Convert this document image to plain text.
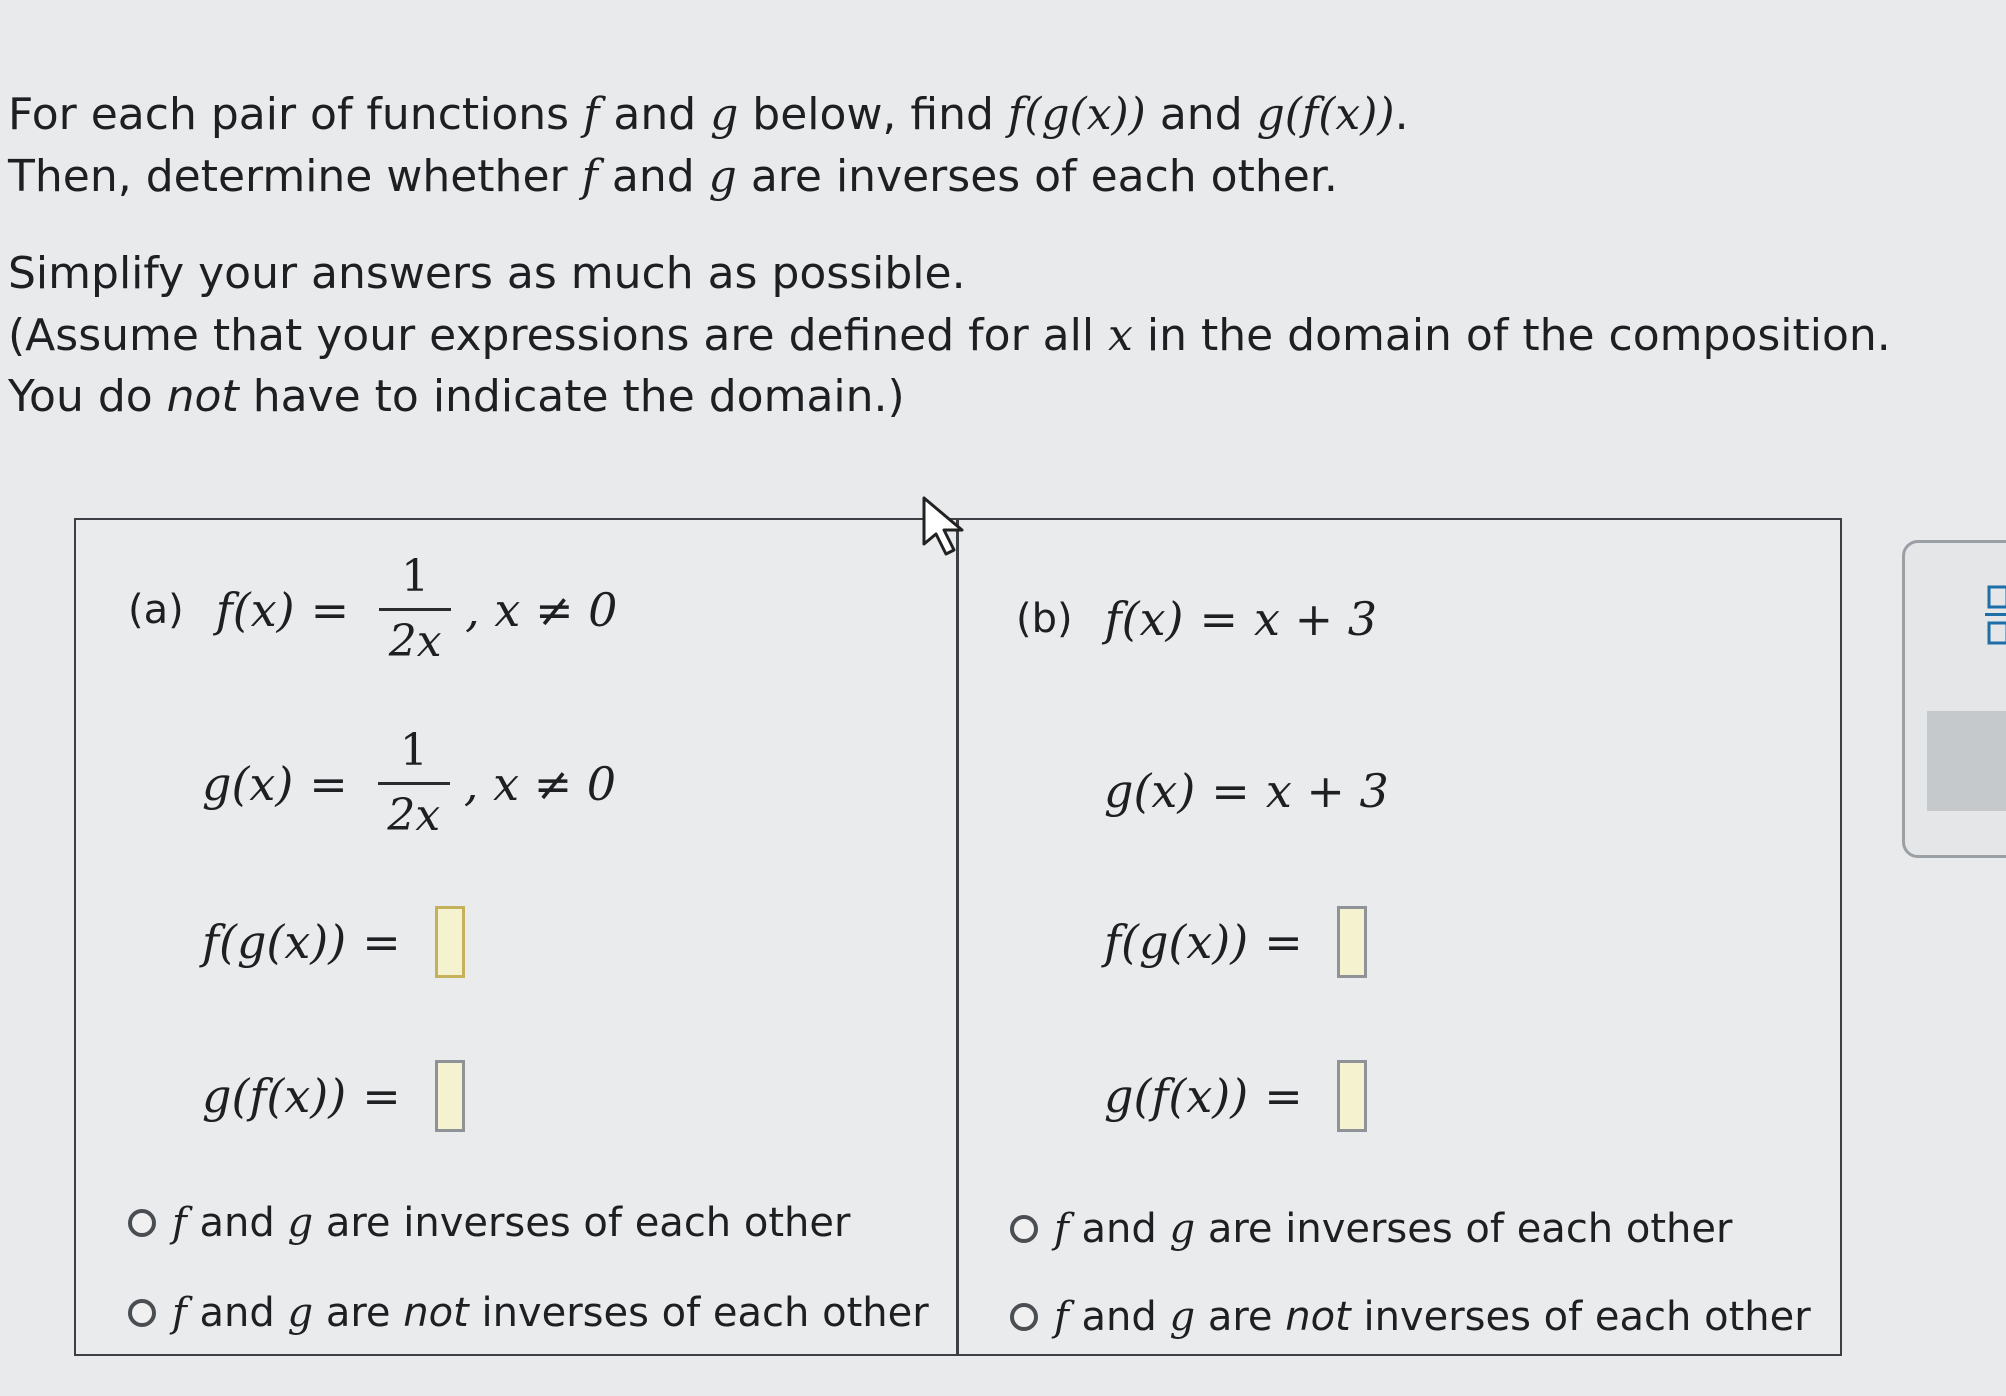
For each pair of functions f and g below, find f(g(x)) and g(f(x)).

Then, determine whether f and g are inverses of each other.

Simplify your answers as much as possible.

(Assume that your expressions are defined for all x in the domain of the composition.

You do not have to indicate the domain.)

(a) $f(x) = \frac{1}{2x}$ , x ≠ 0
$g(x) = \frac{1}{2x}$ , x ≠ 0
f(g(x)) =
g(f(x)) =
f and g are inverses of each other
f and g are not inverses of each other
(b) f(x) = x + 3
g(x) = x + 3
f(g(x)) =
g(f(x)) =
f and g are inverses of each other
f and g are not inverses of each other
